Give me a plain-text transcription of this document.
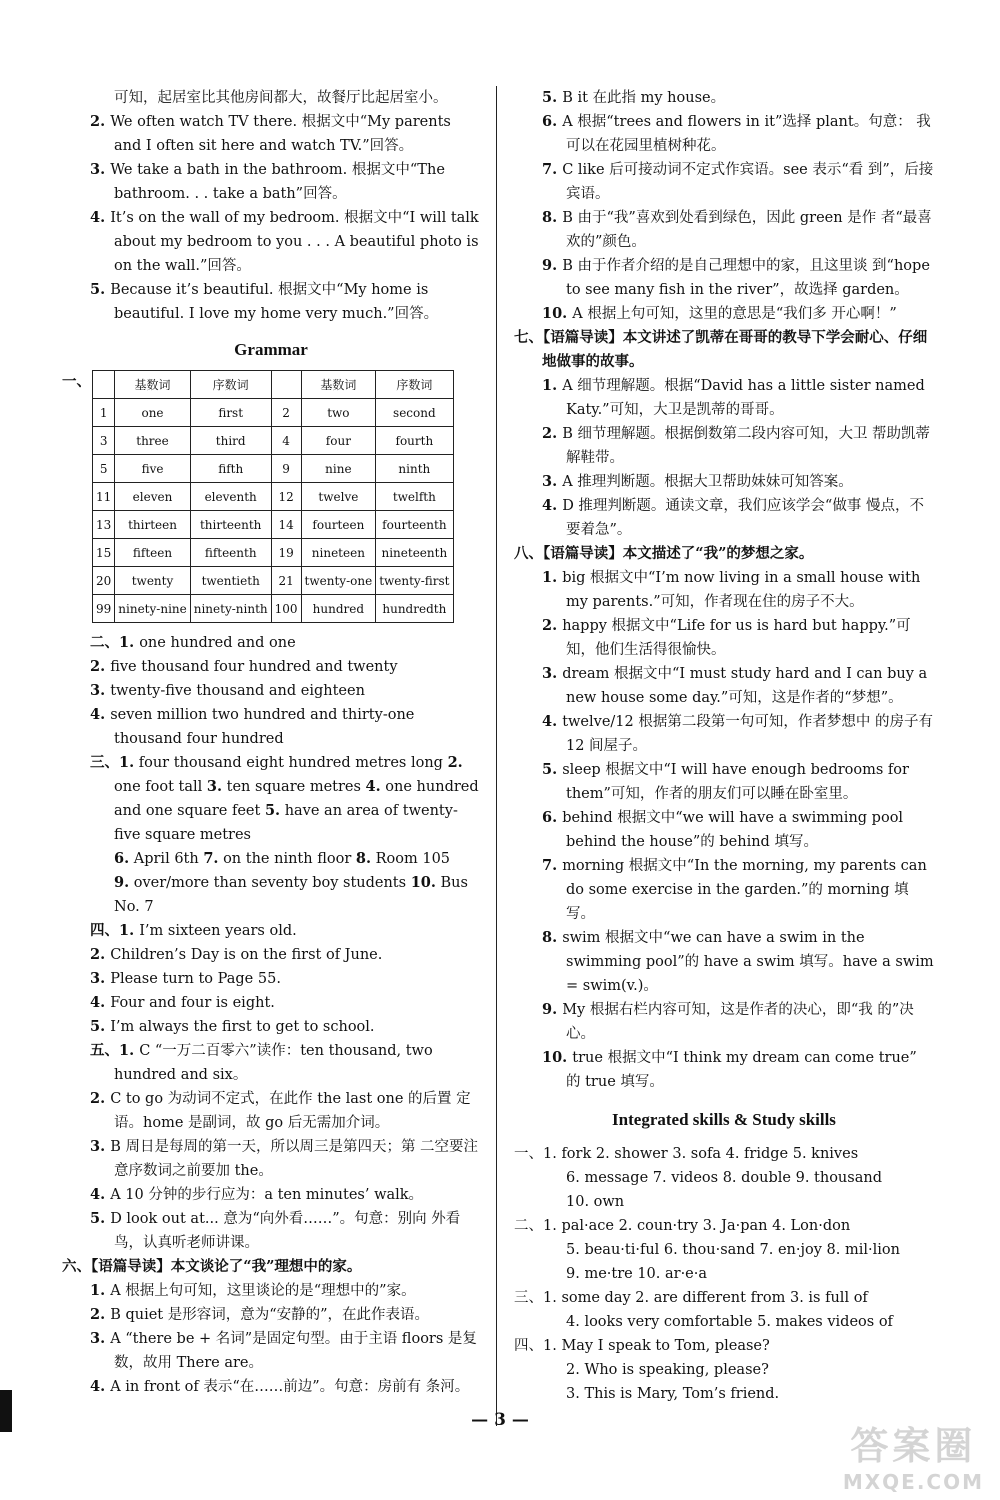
可知，起居室比其他房间都大，故餐厅比起居室小。
2. We often watch TV there. 根据文中“My parents and I often sit here and watch TV.”回答。
3. We take a bath in the bathroom. 根据文中“The bathroom. . . take a bath”回答。
4. It’s on the wall of my bedroom. 根据文中“I will talk about my bedroom to you . . . A beautiful photo is on the wall.”回答。
5. Because it’s beautiful. 根据文中“My home is beautiful. I love my home very much.”回答。
Grammar
一、
		基数词	序数词		基数词	序数词
1	one	first	2	two	second
3	three	third	4	four	fourth
5	five	fifth	9	nine	ninth
11	eleven	eleventh	12	twelve	twelfth
13	thirteen	thirteenth	14	fourteen	fourteenth
15	fifteen	fifteenth	19	nineteen	nineteenth
20	twenty	twentieth	21	twenty-one	twenty-first
99	ninety-nine	ninety-ninth	100	hundred	hundredth
二、1. one hundred and one
2. five thousand four hundred and twenty
3. twenty-five thousand and eighteen
4. seven million two hundred and thirty-one thousand four hundred
三、1. four thousand eight hundred metres long 2. one foot tall 3. ten square metres 4. one hundred and one square feet 5. have an area of twenty-five square metres
6. April 6th 7. on the ninth floor 8. Room 105
9. over/more than seventy boy students 10. Bus No. 7
四、1. I’m sixteen years old.
2. Children’s Day is on the first of June.
3. Please turn to Page 55.
4. Four and four is eight.
5. I’m always the first to get to school.
五、1. C “一万二百零六”读作：ten thousand, two hundred and six。
2. C to go 为动词不定式，在此作 the last one 的后置 定语。home 是副词，故 go 后无需加介词。
3. B 周日是每周的第一天，所以周三是第四天；第 二空要注意序数词之前要加 the。
4. A 10 分钟的步行应为：a ten minutes’ walk。
5. D look out at... 意为“向外看……”。句意：别向 外看鸟，认真听老师讲课。
六、【语篇导读】本文谈论了“我”理想中的家。
1. A 根据上句可知，这里谈论的是“理想中的”家。
2. B quiet 是形容词，意为“安静的”，在此作表语。
3. A “there be + 名词”是固定句型。由于主语 floors 是复数，故用 There are。
4. A in front of 表示“在……前边”。句意：房前有 条河。
5. B it 在此指 my house。
6. A 根据“trees and flowers in it”选择 plant。句意： 我可以在花园里植树种花。
7. C like 后可接动词不定式作宾语。see 表示“看 到”，后接宾语。
8. B 由于“我”喜欢到处看到绿色，因此 green 是作 者“最喜欢的”颜色。
9. B 由于作者介绍的是自己理想中的家，且这里谈 到“hope to see many fish in the river”，故选择 garden。
10. A 根据上句可知，这里的意思是“我们多 开心啊！”
七、【语篇导读】本文讲述了凯蒂在哥哥的教导下学会耐心、仔细地做事的故事。
1. A 细节理解题。根据“David has a little sister named Katy.”可知，大卫是凯蒂的哥哥。
2. B 细节理解题。根据倒数第二段内容可知，大卫 帮助凯蒂解鞋带。
3. A 推理判断题。根据大卫帮助妹妹可知答案。
4. D 推理判断题。通读文章，我们应该学会“做事 慢点，不要着急”。
八、【语篇导读】本文描述了“我”的梦想之家。
1. big 根据文中“I’m now living in a small house with my parents.”可知，作者现在住的房子不大。
2. happy 根据文中“Life for us is hard but happy.”可 知，他们生活得很愉快。
3. dream 根据文中“I must study hard and I can buy a new house some day.”可知，这是作者的“梦想”。
4. twelve/12 根据第二段第一句可知，作者梦想中 的房子有 12 间屋子。
5. sleep 根据文中“I will have enough bedrooms for them”可知，作者的朋友们可以睡在卧室里。
6. behind 根据文中“we will have a swimming pool behind the house”的 behind 填写。
7. morning 根据文中“In the morning, my parents can do some exercise in the garden.”的 morning 填写。
8. swim 根据文中“we can have a swim in the swimming pool”的 have a swim 填写。have a swim = swim(v.)。
9. My 根据右栏内容可知，这是作者的决心，即“我 的”决心。
10. true 根据文中“I think my dream can come true” 的 true 填写。
Integrated skills & Study skills
一、1. fork 2. shower 3. sofa 4. fridge 5. knives
6. message 7. videos 8. double 9. thousand
10. own
二、1. pal·ace 2. coun·try 3. Ja·pan 4. Lon·don
5. beau·ti·ful 6. thou·sand 7. en·joy 8. mil·lion
9. me·tre 10. ar·e·a
三、1. some day 2. are different from 3. is full of
4. looks very comfortable 5. makes videos of
四、1. May I speak to Tom, please?
2. Who is speaking, please?
3. This is Mary, Tom’s friend.
— 3 —
答案圈
MXQE.COM
